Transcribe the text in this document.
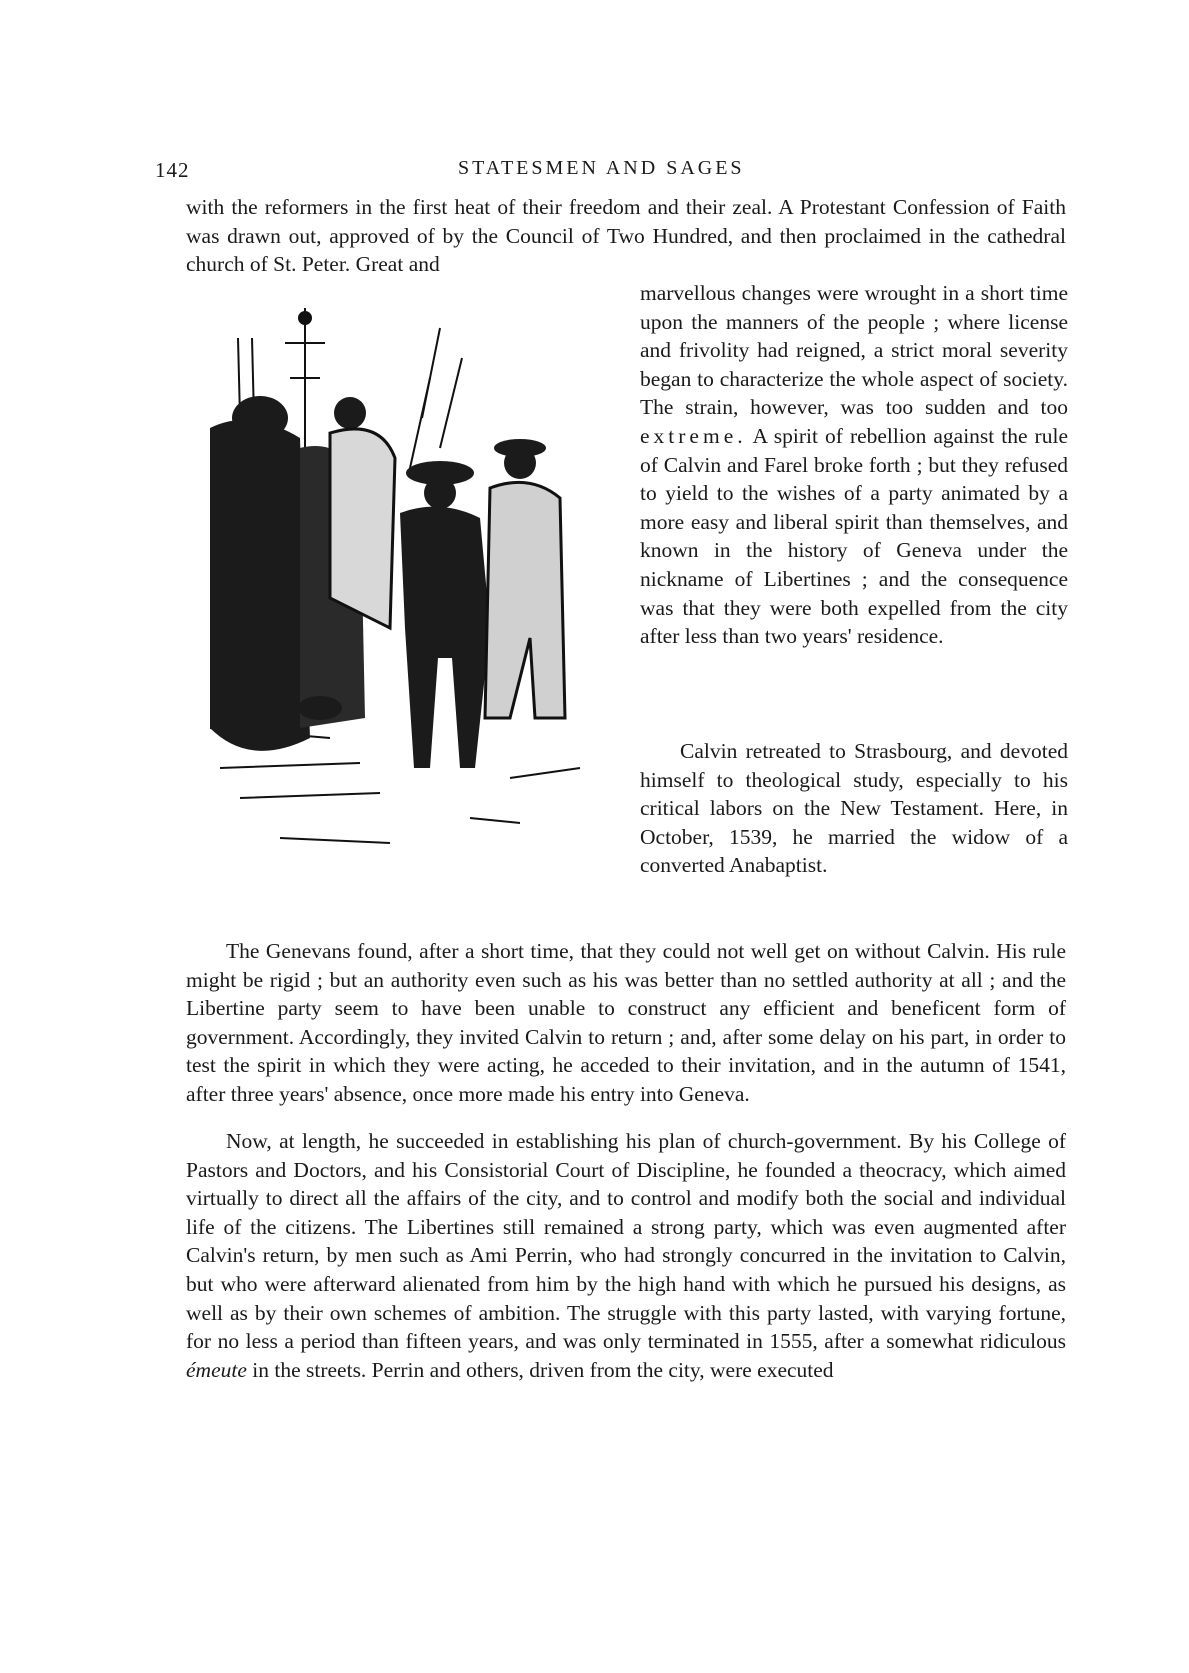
142	STATESMEN AND SAGES

with the reformers in the first heat of their freedom and their zeal. A Protestant Confession of Faith was drawn out, approved of by the Council of Two Hundred, and then proclaimed in the cathedral church of St. Peter. Great and

marvellous changes were wrought in a short time upon the manners of the people ; where license and frivolity had reigned, a strict moral severity began to characterize the whole aspect of society. The strain, however, was too sudden and too extreme. A spirit of rebellion against the rule of Calvin and Farel broke forth ; but they refused to yield to the wishes of a party animated by a more easy and liberal spirit than themselves, and known in the history of Geneva under the nickname of Libertines ; and the consequence was that they were both expelled from the city after less than two years' residence.

Calvin retreated to Strasbourg, and devoted himself to theological study, especially to his critical labors on the New Testament. Here, in October, 1539, he married the widow of a converted Anabaptist.

The Genevans found, after a short time, that they could not well get on without Calvin. His rule might be rigid ; but an authority even such as his was better than no settled authority at all ; and the Libertine party seem to have been unable to construct any efficient and beneficent form of government. Accordingly, they invited Calvin to return ; and, after some delay on his part, in order to test the spirit in which they were acting, he acceded to their invitation, and in the autumn of 1541, after three years' absence, once more made his entry into Geneva.

Now, at length, he succeeded in establishing his plan of church-government. By his College of Pastors and Doctors, and his Consistorial Court of Discipline, he founded a theocracy, which aimed virtually to direct all the affairs of the city, and to control and modify both the social and individual life of the citizens. The Libertines still remained a strong party, which was even augmented after Calvin's return, by men such as Ami Perrin, who had strongly concurred in the invitation to Calvin, but who were afterward alienated from him by the high hand with which he pursued his designs, as well as by their own schemes of ambition. The struggle with this party lasted, with varying fortune, for no less a period than fifteen years, and was only terminated in 1555, after a somewhat ridiculous émeute in the streets. Perrin and others, driven from the city, were executed
